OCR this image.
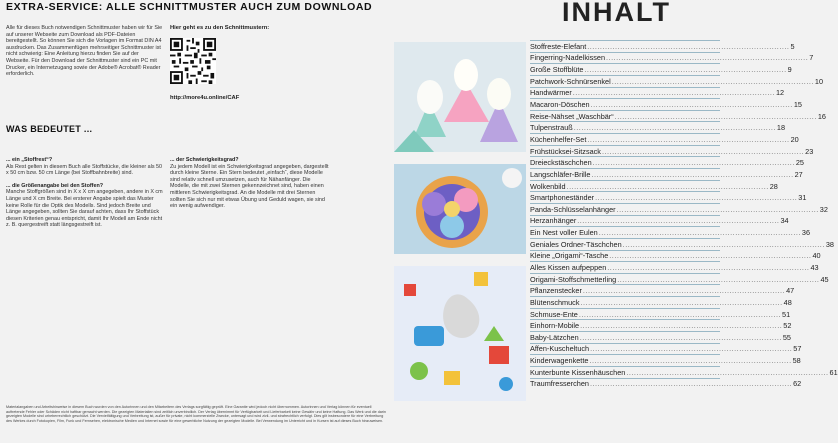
EXTRA-SERVICE: ALLE SCHNITTMUSTER AUCH ZUM DOWNLOAD
Alle für dieses Buch notwendigen Schnittmuster haben wir für Sie auf unserer Webseite zum Download als PDF-Dateien bereitgestellt. So können Sie sich die Vorlagen im Format DIN A4 ausdrucken. Das Zusammenfügen mehrseitiger Schnittmuster ist nicht schwierig: Eine Anleitung hierzu finden Sie auf der Webseite. Für den Download der Schnittmuster sind ein PC mit Drucker, ein Internetzugang sowie der Adobe® Acrobat® Reader erforderlich.
Hier geht es zu den Schnittmustern:
http://more4u.online/CAF
WAS BEDEUTET ...

... ein „Stoffrest“?

Als Rest gelten in diesem Buch alle Stoffstücke, die kleiner als 50 x 50 cm bzw. 50 cm Länge (bei Stoffbahnbreite) sind.

... die Größenangabe bei den Stoffen?

Manche Stoffgrößen sind in X x X cm angegeben, andere in X cm Länge und X cm Breite. Bei ersterer Angabe spielt das Muster keine Rolle für die Optik des Modells. Sind jedoch Breite und Länge angegeben, sollten Sie darauf achten, dass Ihr Stoffstück diesen Kriterien genau entspricht, damit Ihr Modell am Ende nicht z. B. quergestreift statt längsgestreift ist.

... der Schwierigkeitsgrad?

Zu jedem Modell ist ein Schwierigkeitsgrad angegeben, dargestellt durch kleine Sterne. Ein Stern bedeutet „einfach“, diese Modelle sind relativ schnell umzusetzen, auch für Nähanfänger. Die Modelle, die mit zwei Sternen gekennzeichnet sind, haben einen mittleren Schwierigkeitsgrad. An die Modelle mit drei Sternen sollten Sie sich nur mit etwas Übung und Geduld wagen, sie sind ein wenig aufwendiger.

Materialangaben und Arbeitshinweise in diesem Buch wurden von den Autorinnen und den Mitarbeitern des Verlags sorgfältig geprüft. Eine Garantie wird jedoch nicht übernommen. Autorinnen und Verlag können für eventuell auftretende Fehler oder Schäden nicht haftbar gemacht werden. Die gezeigten Materialien sind zeitlich unverbindlich. Der Verlag übernimmt für Verfügbarkeit und Lieferbarkeit keine Gewähr und keine Haftung. Das Werk und die darin gezeigten Modelle sind urheberrechtlich geschützt. Die Vervielfältigung und Verbreitung ist, außer für private, nicht kommerzielle Zwecke, untersagt und wird zivil- und strafrechtlich verfolgt. Dies gilt insbesondere für eine Verbreitung des Werkes durch Fotokopien, Film, Funk und Fernsehen, elektronische Medien und Internet sowie für eine gewerbliche Nutzung der gezeigten Modelle. Bei Verwendung im Unterricht und in Kursen ist auf dieses Buch hinzuweisen.
INHALT
Stoffreste-Elefant ................................................................................ 5
Fingerring-Nadelkissen ................................................................................ 7
Große Stoffblüte ................................................................................ 9
Patchwork-Schnürsenkel ................................................................................ 10
Handwärmer ................................................................................ 12
Macaron-Döschen ................................................................................ 15
Reise-Nähset „Waschbär“ ................................................................................ 16
Tulpenstrauß ................................................................................ 18
Küchenhelfer-Set ................................................................................ 20
Frühstücksei-Sitzsack ................................................................................ 23
Dreieckstäschchen ................................................................................ 25
Langschläfer-Brille ................................................................................ 27
Wolkenbild ................................................................................ 28
Smartphoneständer ................................................................................ 31
Panda-Schlüsselanhänger ................................................................................ 32
Herzanhänger ................................................................................ 34
Ein Nest voller Eulen ................................................................................ 36
Geniales Ordner-Täschchen ................................................................................ 38
Kleine „Origami“-Tasche ................................................................................ 40
Alles Kissen aufpeppen ................................................................................ 43
Origami-Stoffschmetterling ................................................................................ 45
Pflanzenstecker ................................................................................ 47
Blütenschmuck ................................................................................ 48
Schmuse-Ente ................................................................................ 51
Einhorn-Mobile ................................................................................ 52
Baby-Lätzchen ................................................................................ 55
Affen-Kuscheltuch ................................................................................ 57
Kinderwagenkette ................................................................................ 58
Kunterbunte Kissenhäuschen ................................................................................ 61
Traumfresserchen ................................................................................ 62
